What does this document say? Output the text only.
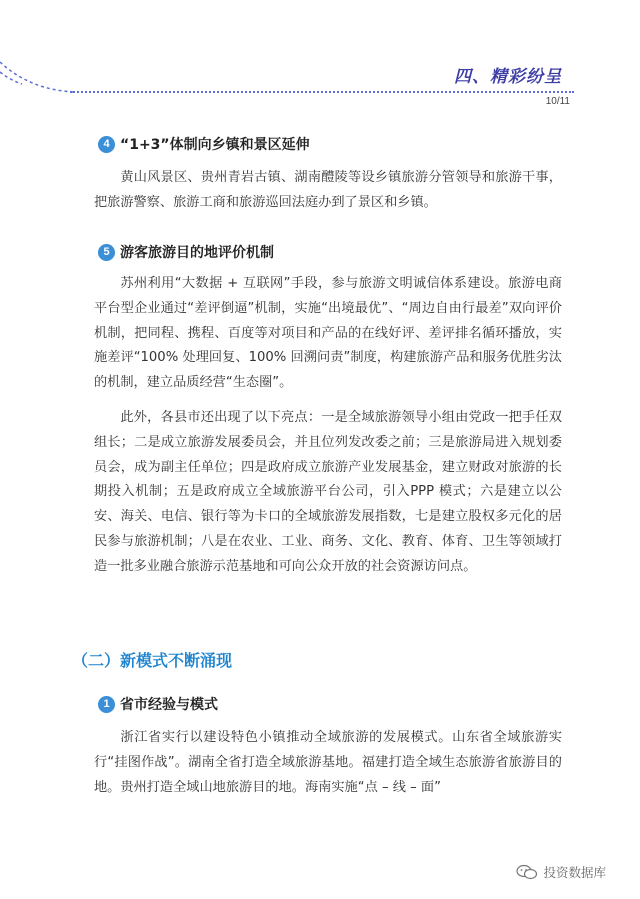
四、精彩纷呈
10/11
4 “1+3”体制向乡镇和景区延伸
黄山风景区、贵州青岩古镇、湖南醴陵等设乡镇旅游分管领导和旅游干事，把旅游警察、旅游工商和旅游巡回法庭办到了景区和乡镇。
5 游客旅游目的地评价机制
苏州利用“大数据 + 互联网”手段，参与旅游文明诚信体系建设。旅游电商平台型企业通过“差评倒逼”机制，实施“出境最优”、“周边自由行最差”双向评价机制，把同程、携程、百度等对项目和产品的在线好评、差评排名循环播放，实施差评“100% 处理回复、100% 回溯问责”制度，构建旅游产品和服务优胜劣汰的机制，建立品质经营“生态圈”。
此外，各县市还出现了以下亮点：一是全域旅游领导小组由党政一把手任双组长；二是成立旅游发展委员会，并且位列发改委之前；三是旅游局进入规划委员会，成为副主任单位；四是政府成立旅游产业发展基金，建立财政对旅游的长期投入机制；五是政府成立全域旅游平台公司，引入PPP 模式；六是建立以公安、海关、电信、银行等为卡口的全域旅游发展指数，七是建立股权多元化的居民参与旅游机制；八是在农业、工业、商务、文化、教育、体育、卫生等领域打造一批多业融合旅游示范基地和可向公众开放的社会资源访问点。
（二）新模式不断涌现
1 省市经验与模式
浙江省实行以建设特色小镇推动全域旅游的发展模式。山东省全域旅游实行“挂图作战”。湖南全省打造全域旅游基地。福建打造全域生态旅游省旅游目的地。贵州打造全域山地旅游目的地。海南实施“点 – 线 – 面”
投资数据库
